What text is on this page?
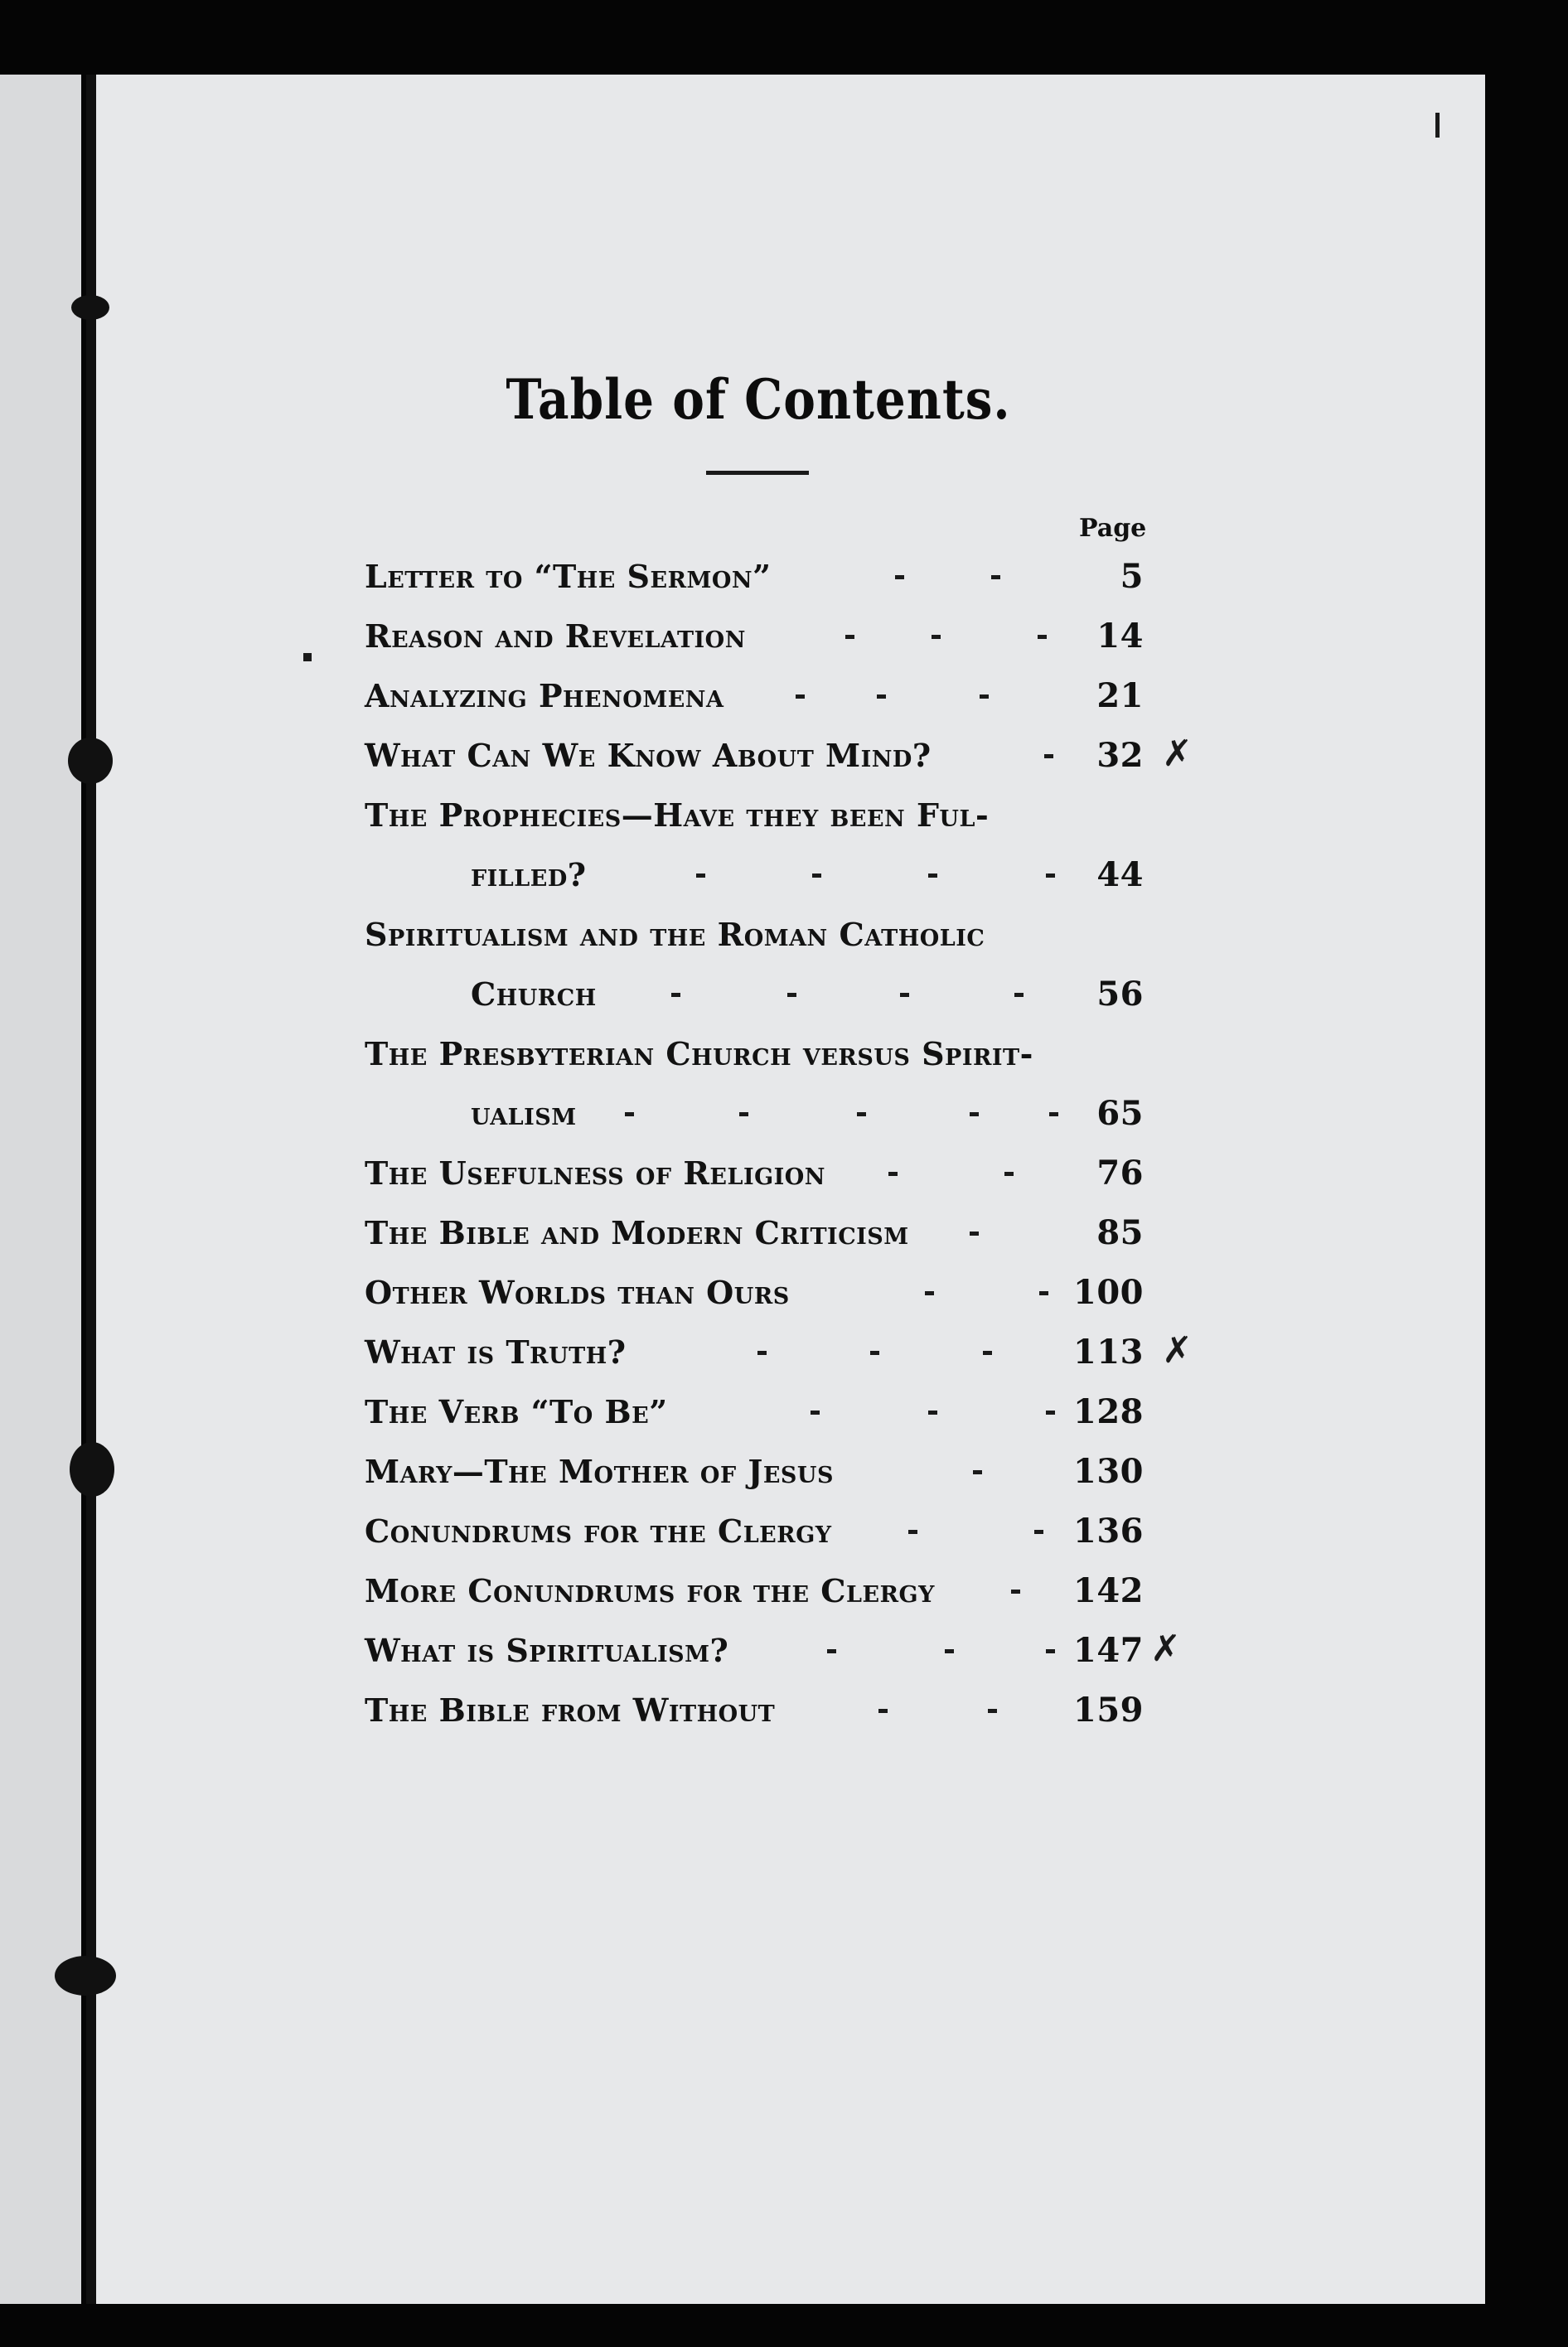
Table of Contents.
Page
Letter to “The Sermon”	5
Reason and Revelation	14
Analyzing Phenomena	21
What Can We Know About Mind?	32
The Prophecies—Have they been Ful-
filled?	44
Spiritualism and the Roman Catholic
Church	56
The Presbyterian Church versus Spirit-
ualism	65
The Usefulness of Religion	76
The Bible and Modern Criticism	85
Other Worlds than Ours	100
What is Truth?	113
The Verb “To Be”	128
Mary—The Mother of Jesus	130
Conundrums for the Clergy	136
More Conundrums for the Clergy	142
What is Spiritualism?	147
The Bible from Without	159
✗
✗
✗
